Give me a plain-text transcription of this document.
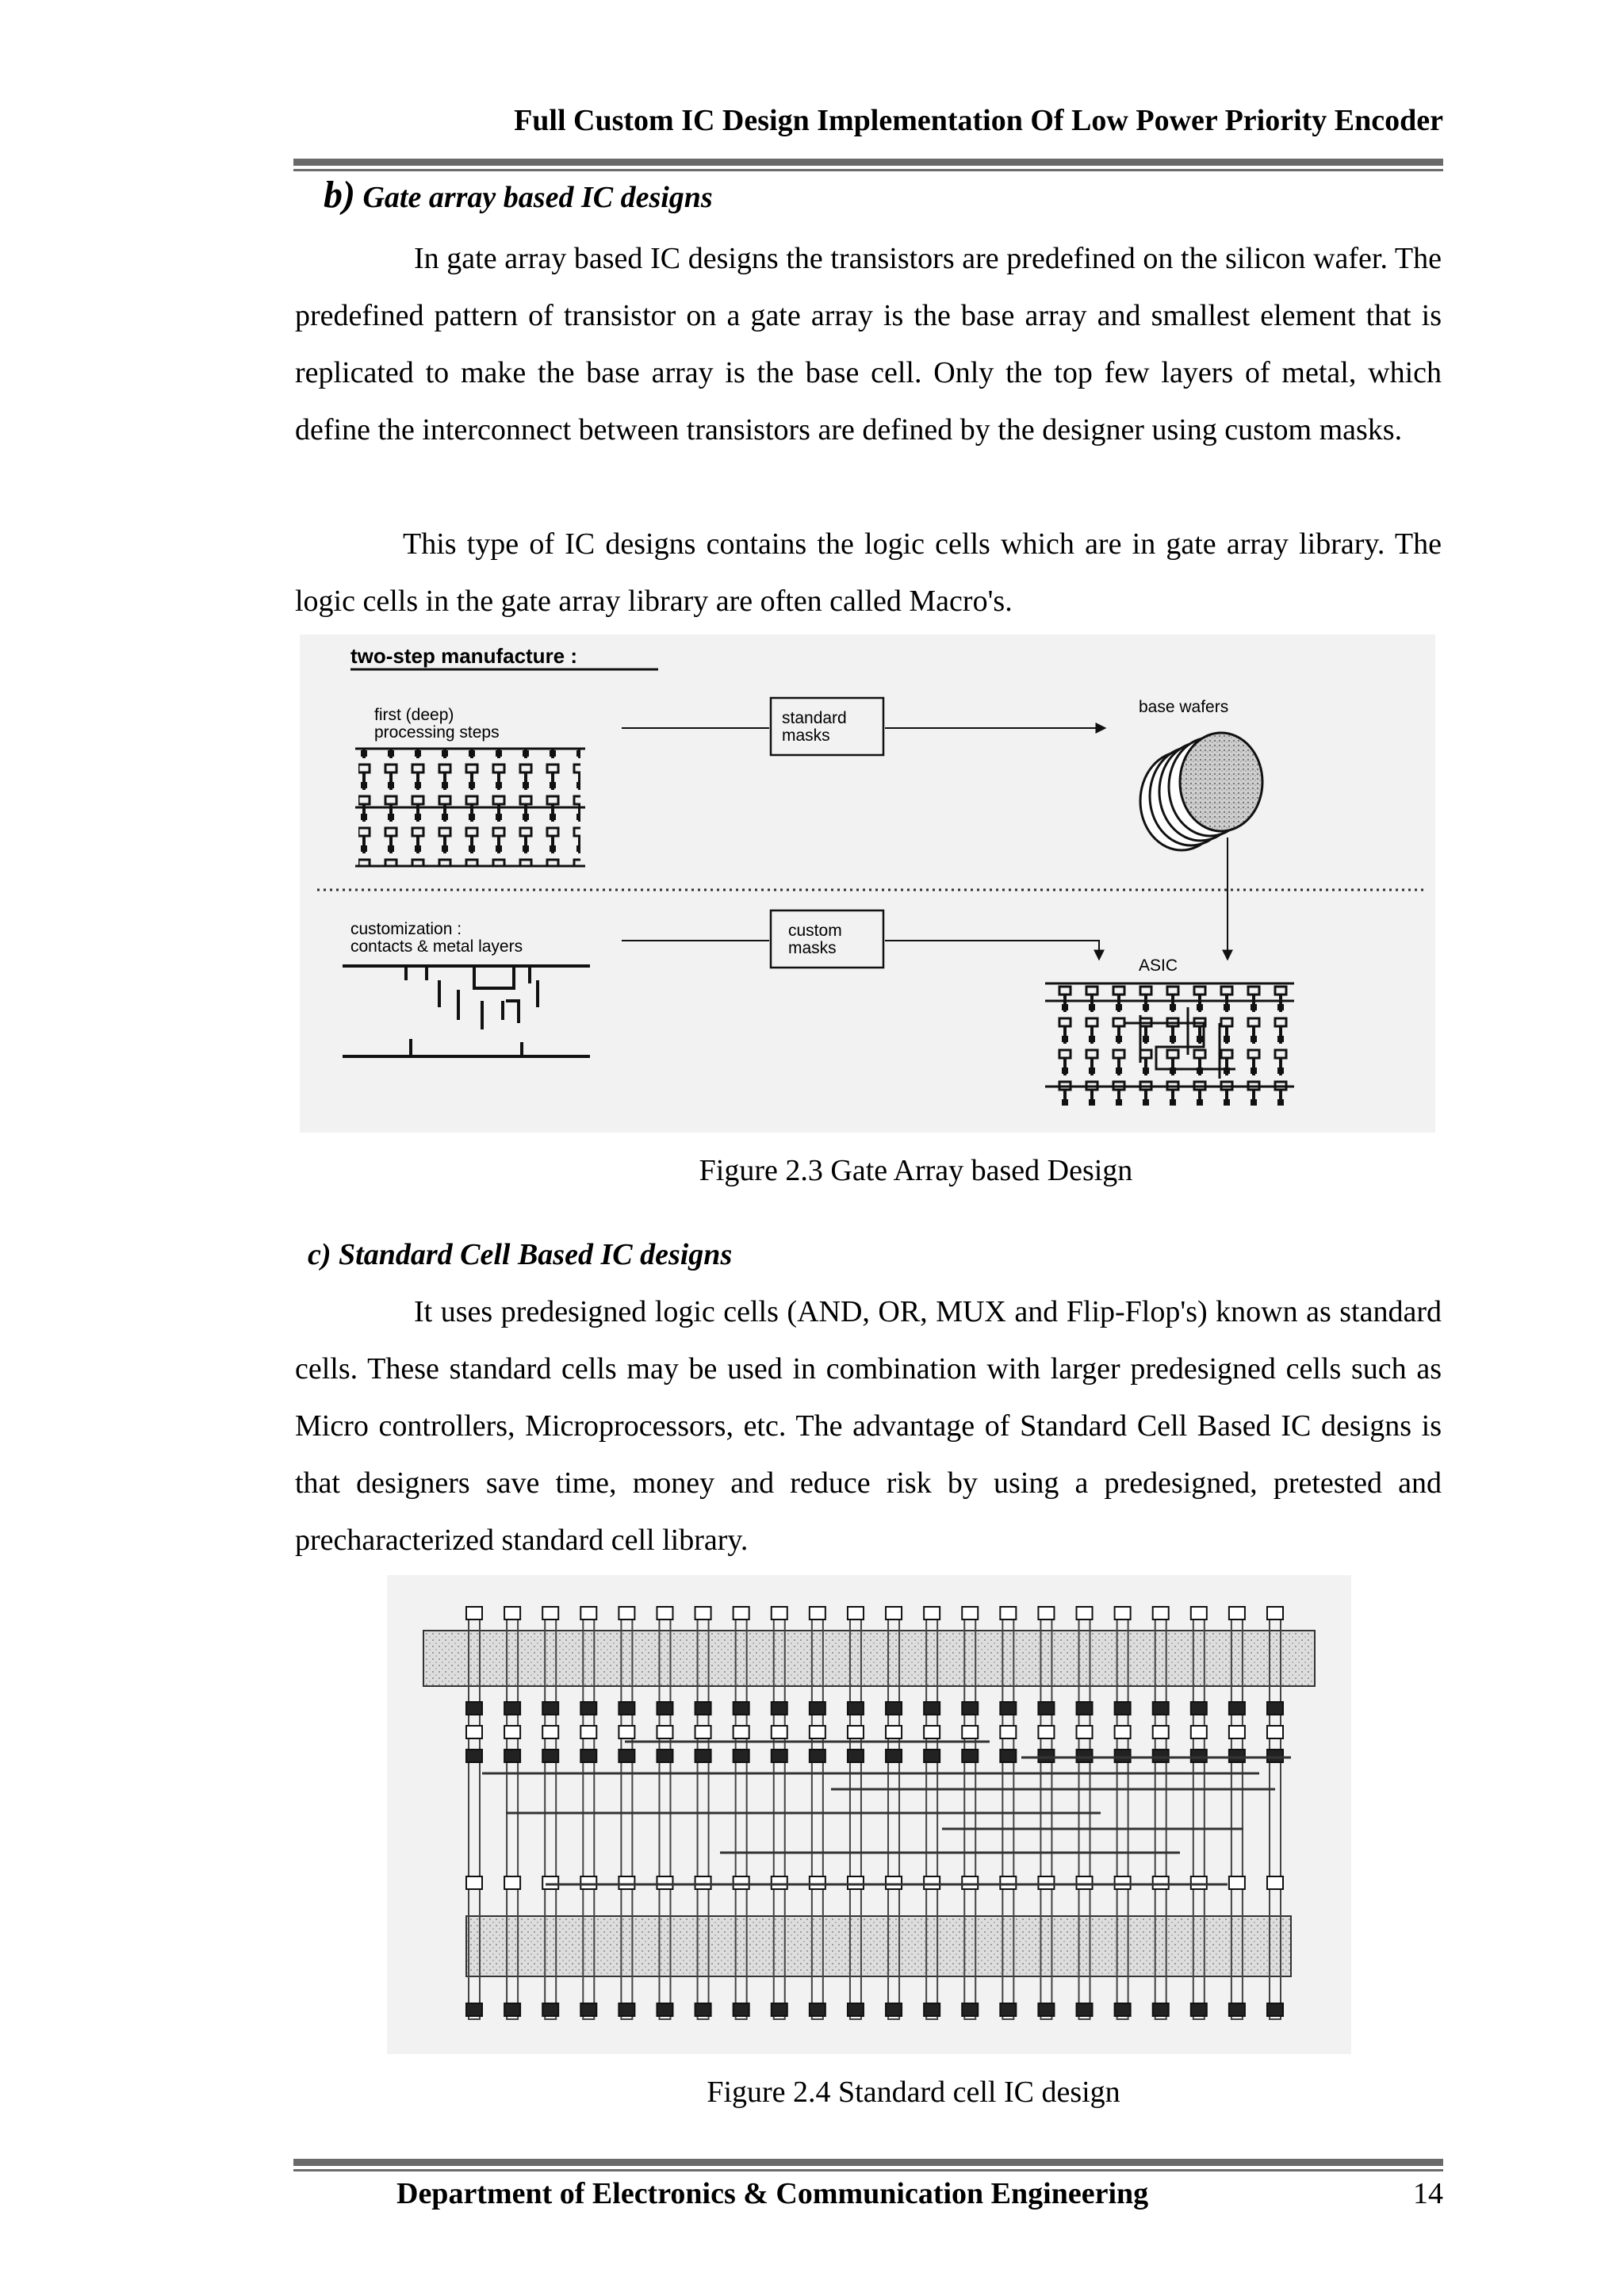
Full Custom IC Design Implementation Of Low Power Priority Encoder
b) Gate array based IC designs

In gate array based IC designs the transistors are predefined on the silicon wafer. The predefined pattern of transistor on a gate array is the base array and smallest element that is replicated to make the base array is the base cell. Only the top few layers of metal, which define the interconnect between transistors are defined by the designer using custom masks.

This type of IC designs contains the logic cells which are in gate array library. The logic cells in the gate array library are often called Macro's.

two-step manufacture :
first (deep)
processing steps
standard
masks
base wafers
customization :
contacts & metal layers
custom
masks
ASIC
Figure 2.3 Gate Array based Design
c) Standard Cell Based IC designs

It uses predesigned logic cells (AND, OR, MUX and Flip-Flop's) known as standard cells. These standard cells may be used in combination with larger predesigned cells such as Micro controllers, Microprocessors, etc. The advantage of Standard Cell Based IC designs is that designers save time, money and reduce risk by using a predesigned, pretested and precharacterized standard cell library.

Figure 2.4 Standard cell IC design
Department of Electronics & Communication Engineering	14
